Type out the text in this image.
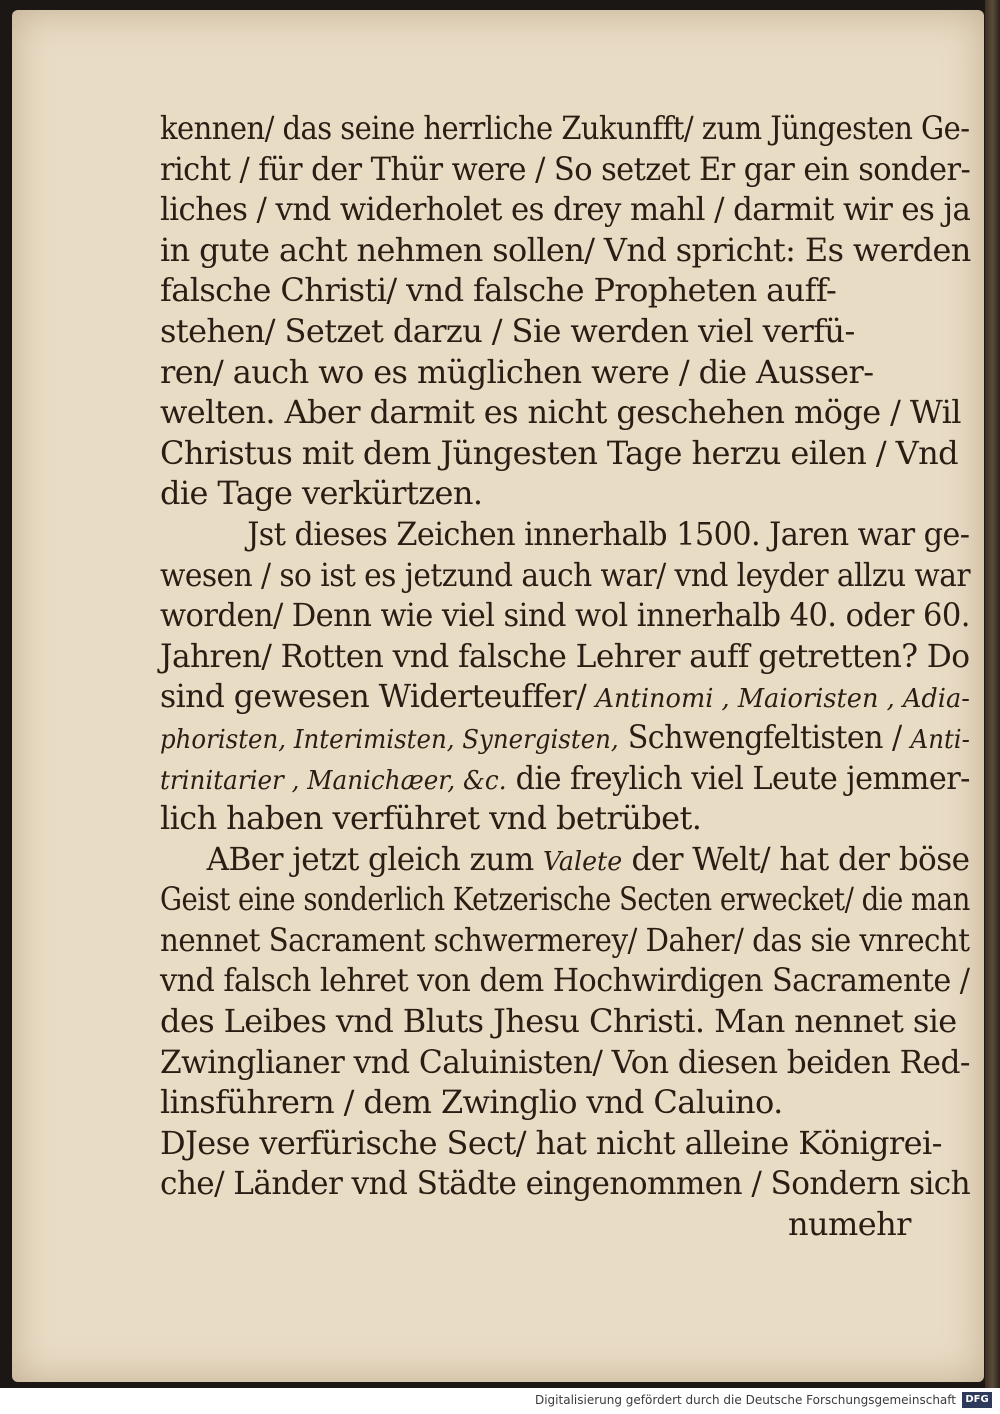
kennen/ das seine herrliche Zukunfft/ zum Jüngesten Ge-
richt / für der Thür were / So setzet Er gar ein sonder-
liches / vnd widerholet es drey mahl / darmit wir es ja
in gute acht nehmen sollen/ Vnd spricht: Es werden
falsche Christi/ vnd falsche Propheten auff-
stehen/ Setzet darzu / Sie werden viel verfü-
ren/ auch wo es müglichen were / die Ausser-
welten. Aber darmit es nicht geschehen möge / Wil
Christus mit dem Jüngesten Tage herzu eilen / Vnd
die Tage verkürtzen.
Jst dieses Zeichen innerhalb 1500. Jaren war ge-
wesen / so ist es jetzund auch war/ vnd leyder allzu war
worden/ Denn wie viel sind wol innerhalb 40. oder 60.
Jahren/ Rotten vnd falsche Lehrer auff getretten? Do
sind gewesen Widerteuffer/ Antinomi , Maioristen , Adia-
phoristen, Interimisten, Synergisten, Schwengfeltisten / Anti-
trinitarier , Manichæer, &c. die freylich viel Leute jemmer-
lich haben verführet vnd betrübet.
ABer jetzt gleich zum Valete der Welt/ hat der böse
Geist eine sonderlich Ketzerische Secten erwecket/ die man
nennet Sacrament schwermerey/ Daher/ das sie vnrecht
vnd falsch lehret von dem Hochwirdigen Sacramente /
des Leibes vnd Bluts Jhesu Christi. Man nennet sie
Zwinglianer vnd Caluinisten/ Von diesen beiden Red-
linsführern / dem Zwinglio vnd Caluino.
DJese verfürische Sect/ hat nicht alleine Königrei-
che/ Länder vnd Städte eingenommen / Sondern sich
numehr
Digitalisierung gefördert durch die Deutsche Forschungsgemeinschaft DFG
